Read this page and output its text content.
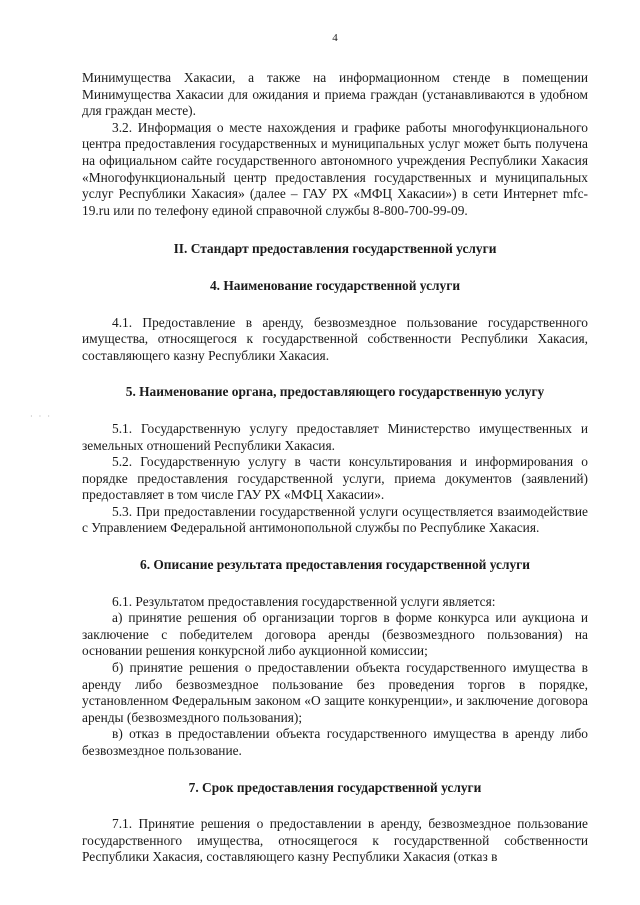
4

Минимущества Хакасии, а также на информационном стенде в помещении Минимущества Хакасии для ожидания и приема граждан (устанавливаются в удобном для граждан месте).

3.2. Информация о месте нахождения и графике работы многофункционального центра предоставления государственных и муниципальных услуг может быть получена на официальном сайте государственного автономного учреждения Республики Хакасия «Многофункциональный центр предоставления государственных и муниципальных услуг Республики Хакасия» (далее – ГАУ РХ «МФЦ Хакасии») в сети Интернет mfc-19.ru или по телефону единой справочной службы 8-800-700-99-09.

II. Стандарт предоставления государственной услуги
4. Наименование государственной услуги

4.1. Предоставление в аренду, безвозмездное пользование государственного имущества, относящегося к государственной собственности Республики Хакасия, составляющего казну Республики Хакасия.

5. Наименование органа, предоставляющего государственную услугу

5.1. Государственную услугу предоставляет Министерство имущественных и земельных отношений Республики Хакасия.

5.2. Государственную услугу в части консультирования и информирования о порядке предоставления государственной услуги, приема документов (заявлений) предоставляет в том числе ГАУ РХ «МФЦ Хакасии».

5.3. При предоставлении государственной услуги осуществляется взаимодействие с Управлением Федеральной антимонопольной службы по Республике Хакасия.

6. Описание результата предоставления государственной услуги

6.1. Результатом предоставления государственной услуги является:

а) принятие решения об организации торгов в форме конкурса или аукциона и заключение с победителем договора аренды (безвозмездного пользования) на основании решения конкурсной либо аукционной комиссии;

б) принятие решения о предоставлении объекта государственного имущества в аренду либо безвозмездное пользование без проведения торгов в порядке, установленном Федеральным законом «О защите конкуренции», и заключение договора аренды (безвозмездного пользования);

в) отказ в предоставлении объекта государственного имущества в аренду либо безвозмездное пользование.

7. Срок предоставления государственной услуги

7.1. Принятие решения о предоставлении в аренду, безвозмездное пользование государственного имущества, относящегося к государственной собственности Республики Хакасия, составляющего казну Республики Хакасия (отказ в

· · ·
